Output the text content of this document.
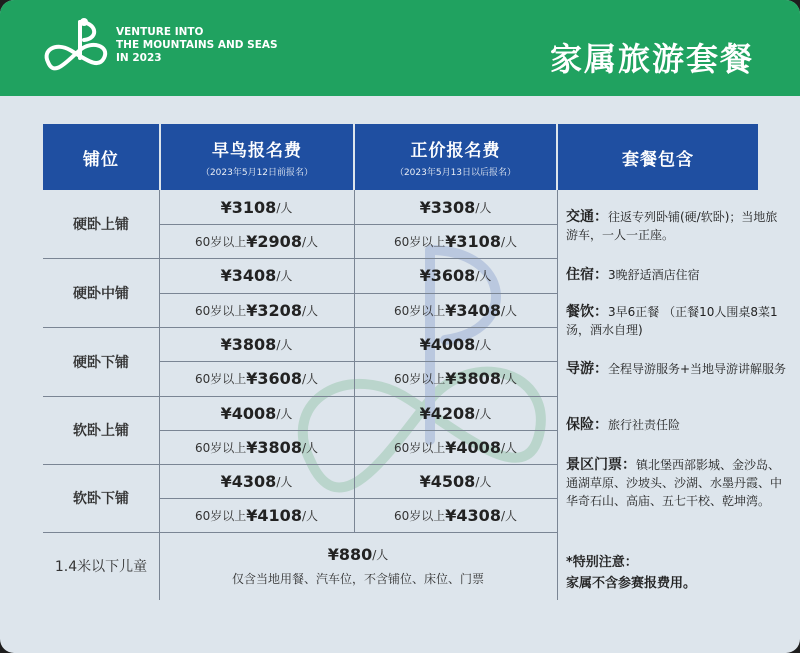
VENTURE INTO
THE MOUNTAINS AND SEAS
IN 2023	家属旅游套餐
铺位	早鸟报名费
（2023年5月12日前报名）
正价报名费
（2023年5月13日以后报名）
套餐包含
硬卧上铺
¥3108 /人
60岁以上 ¥2908 /人
¥3308 /人
60岁以上 ¥3108 /人
硬卧中铺
¥3408 /人
60岁以上 ¥3208 /人
¥3608 /人
60岁以上 ¥3408 /人
硬卧下铺
¥3808 /人
60岁以上 ¥3608 /人
¥4008 /人
60岁以上 ¥3808 /人
软卧上铺
¥4008 /人
60岁以上 ¥3808 /人
¥4208 /人
60岁以上 ¥4008 /人
软卧下铺
¥4308 /人
60岁以上 ¥4108 /人
¥4508 /人
60岁以上 ¥4308 /人
1.4米以下儿童
¥880 /人
仅含当地用餐、汽车位，不含铺位、床位、门票
交通：往返专列卧铺(硬/软卧)；当地旅游车，一人一正座。
住宿：3晚舒适酒店住宿
餐饮：3早6正餐 （正餐10人围桌8菜1汤，酒水自理)
导游：全程导游服务+当地导游讲解服务
保险：旅行社责任险
景区门票：镇北堡西部影城、金沙岛、通湖草原、沙坡头、沙湖、水墨丹霞、中华奇石山、高庙、五七干校、乾坤湾。
*特别注意：
家属不含参赛报费用。
